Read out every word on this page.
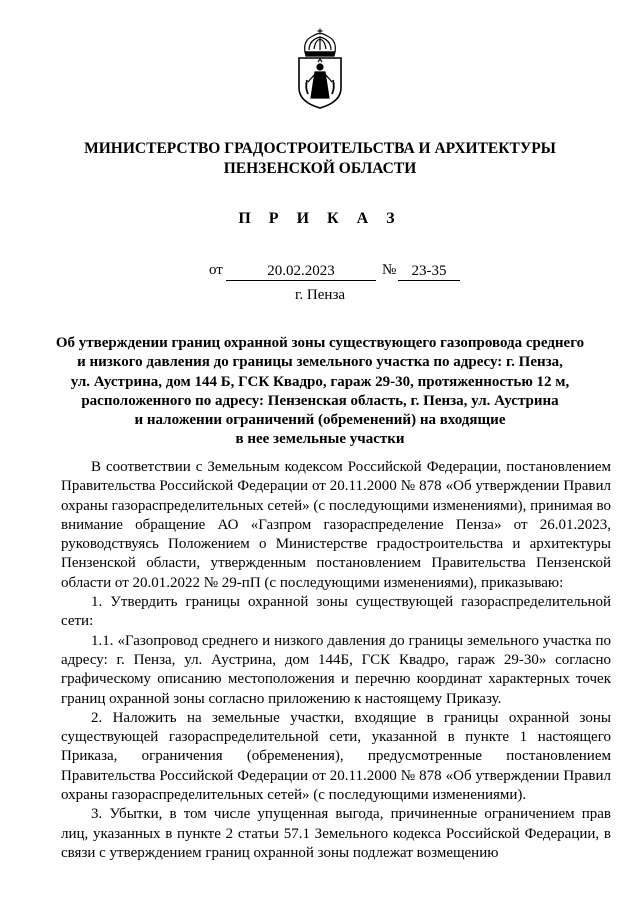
МИНИСТЕРСТВО ГРАДОСТРОИТЕЛЬСТВА И АРХИТЕКТУРЫ
ПЕНЗЕНСКОЙ ОБЛАСТИ
П Р И К А З
от	20.02.2023	№	23-35
г. Пенза
Об утверждении границ охранной зоны существующего газопровода среднего
и низкого давления до границы земельного участка по адресу: г. Пенза,
ул. Аустрина, дом 144 Б, ГСК Квадро, гараж 29-30, протяженностью 12 м,
расположенного по адресу: Пензенская область, г. Пенза, ул. Аустрина
и наложении ограничений (обременений) на входящие
в нее земельные участки

В соответствии с Земельным кодексом Российской Федерации, постановлением Правительства Российской Федерации от 20.11.2000 № 878 «Об утверждении Правил охраны газораспределительных сетей» (с последующими изменениями), принимая во внимание обращение АО «Газпром газораспределение Пенза» от 26.01.2023, руководствуясь Положением о Министерстве градостроительства и архитектуры Пензенской области, утвержденным постановлением Правительства Пензенской области от 20.01.2022 № 29-пП (с последующими изменениями), приказываю:

1. Утвердить границы охранной зоны существующей газораспределительной сети:

1.1. «Газопровод среднего и низкого давления до границы земельного участка по адресу: г. Пенза, ул. Аустрина, дом 144Б, ГСК Квадро, гараж 29-30» согласно графическому описанию местоположения и перечню координат характерных точек границ охранной зоны согласно приложению к настоящему Приказу.

2. Наложить на земельные участки, входящие в границы охранной зоны существующей газораспределительной сети, указанной в пункте 1 настоящего Приказа, ограничения (обременения), предусмотренные постановлением Правительства Российской Федерации от 20.11.2000 № 878 «Об утверждении Правил охраны газораспределительных сетей» (с последующими изменениями).

3. Убытки, в том числе упущенная выгода, причиненные ограничением прав лиц, указанных в пункте 2 статьи 57.1 Земельного кодекса Российской Федерации, в связи с утверждением границ охранной зоны подлежат возмещению
